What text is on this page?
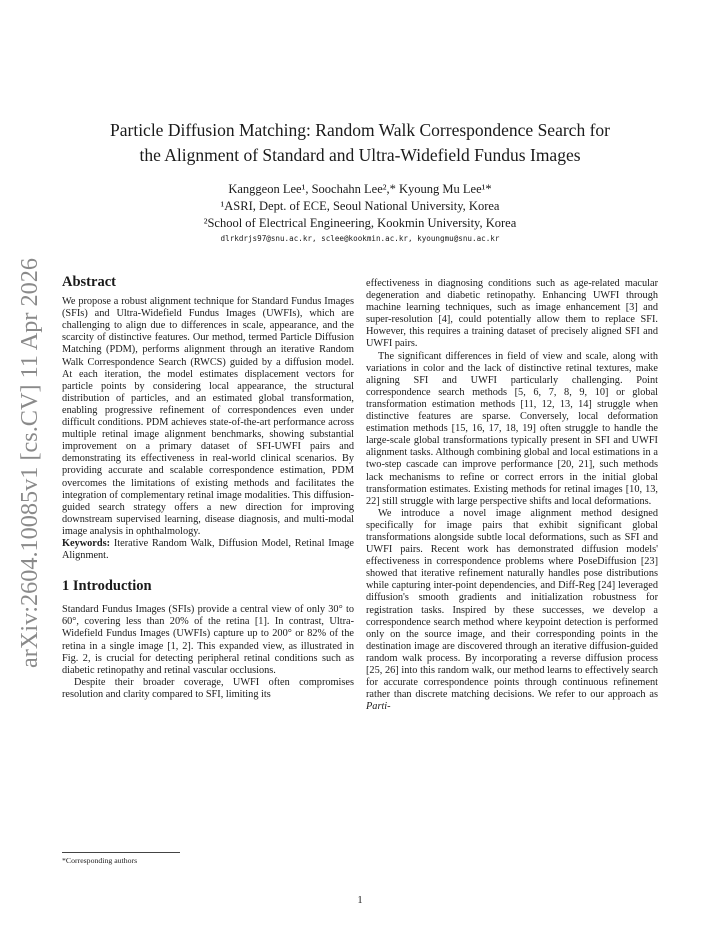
arXiv:2604.10085v1 [cs.CV] 11 Apr 2026
Particle Diffusion Matching: Random Walk Correspondence Search for
the Alignment of Standard and Ultra-Widefield Fundus Images
Kanggeon Lee¹, Soochahn Lee²,* Kyoung Mu Lee¹*
¹ASRI, Dept. of ECE, Seoul National University, Korea
²School of Electrical Engineering, Kookmin University, Korea
dlrkdrjs97@snu.ac.kr, sclee@kookmin.ac.kr, kyoungmu@snu.ac.kr
Abstract

We propose a robust alignment technique for Standard Fundus Images (SFIs) and Ultra-Widefield Fundus Images (UWFIs), which are challenging to align due to differences in scale, appearance, and the scarcity of distinctive features. Our method, termed Particle Diffusion Matching (PDM), performs alignment through an iterative Random Walk Correspondence Search (RWCS) guided by a diffusion model. At each iteration, the model estimates displacement vectors for particle points by considering local appearance, the structural distribution of particles, and an estimated global transformation, enabling progressive refinement of correspondences even under difficult conditions. PDM achieves state-of-the-art performance across multiple retinal image alignment benchmarks, showing substantial improvement on a primary dataset of SFI-UWFI pairs and demonstrating its effectiveness in real-world clinical scenarios. By providing accurate and scalable correspondence estimation, PDM overcomes the limitations of existing methods and facilitates the integration of complementary retinal image modalities. This diffusion-guided search strategy offers a new direction for improving downstream supervised learning, disease diagnosis, and multi-modal image analysis in ophthalmology.

Keywords: Iterative Random Walk, Diffusion Model, Retinal Image Alignment.

1 Introduction

Standard Fundus Images (SFIs) provide a central view of only 30° to 60°, covering less than 20% of the retina [1]. In contrast, Ultra-Widefield Fundus Images (UWFIs) capture up to 200° or 82% of the retina in a single image [1, 2]. This expanded view, as illustrated in Fig. 2, is crucial for detecting peripheral retinal conditions such as diabetic retinopathy and retinal vascular occlusions.

Despite their broader coverage, UWFI often compromises resolution and clarity compared to SFI, limiting its

effectiveness in diagnosing conditions such as age-related macular degeneration and diabetic retinopathy. Enhancing UWFI through machine learning techniques, such as image enhancement [3] and super-resolution [4], could potentially allow them to replace SFI. However, this requires a training dataset of precisely aligned SFI and UWFI pairs.

The significant differences in field of view and scale, along with variations in color and the lack of distinctive retinal textures, make aligning SFI and UWFI particularly challenging. Point correspondence search methods [5, 6, 7, 8, 9, 10] or global transformation estimation methods [11, 12, 13, 14] struggle when distinctive features are sparse. Conversely, local deformation estimation methods [15, 16, 17, 18, 19] often struggle to handle the large-scale global transformations typically present in SFI and UWFI alignment tasks. Although combining global and local estimations in a two-step cascade can improve performance [20, 21], such methods lack mechanisms to refine or correct errors in the initial global transformation estimates. Existing methods for retinal images [10, 13, 22] still struggle with large perspective shifts and local deformations.

We introduce a novel image alignment method designed specifically for image pairs that exhibit significant global transformations alongside subtle local deformations, such as SFI and UWFI pairs. Recent work has demonstrated diffusion models' effectiveness in correspondence problems where PoseDiffusion [23] showed that iterative refinement naturally handles pose distributions while capturing inter-point dependencies, and Diff-Reg [24] leveraged diffusion's smooth gradients and initialization robustness for registration tasks. Inspired by these successes, we develop a correspondence search method where keypoint detection is performed only on the source image, and their corresponding points in the destination image are discovered through an iterative diffusion-guided random walk process. By incorporating a reverse diffusion process [25, 26] into this random walk, our method learns to effectively search for accurate correspondence points through continuous refinement rather than discrete matching decisions. We refer to our approach as Parti-

*Corresponding authors
1
